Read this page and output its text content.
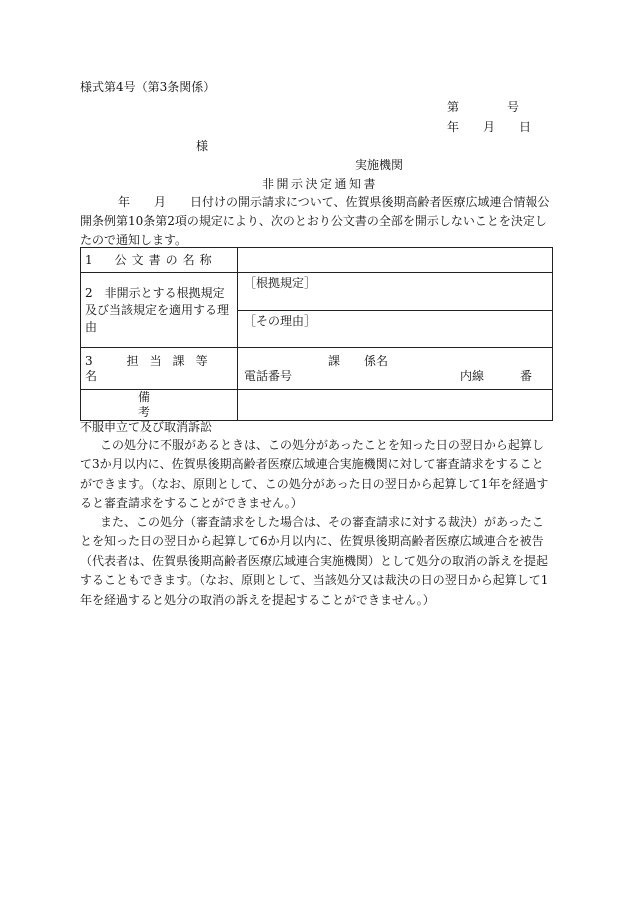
様式第4号（第3条関係）
第　　　　号
年　　月　　日
様
実施機関
非開示決定通知書
年　　月　　日付けの開示請求について、佐賀県後期高齢者医療広域連合情報公開条例第10条第2項の規定により、次のとおり公文書の全部を開示しないことを決定したので通知します。
1　公文書の名称	
2　非開示とする根拠規定及び当該規定を適用する理由	［根拠規定］
	［その理由］
3　担当課等名	課　　係名
電話番号 内線　　　番

備考	
不服申立て及び取消訴訟
この処分に不服があるときは、この処分があったことを知った日の翌日から起算して3か月以内に、佐賀県後期高齢者医療広域連合実施機関に対して審査請求をすることができます。（なお、原則として、この処分があった日の翌日から起算して1年を経過すると審査請求をすることができません。）
また、この処分（審査請求をした場合は、その審査請求に対する裁決）があったことを知った日の翌日から起算して6か月以内に、佐賀県後期高齢者医療広域連合を被告（代表者は、佐賀県後期高齢者医療広域連合実施機関）として処分の取消の訴えを提起することもできます。（なお、原則として、当該処分又は裁決の日の翌日から起算して1年を経過すると処分の取消の訴えを提起することができません。）
